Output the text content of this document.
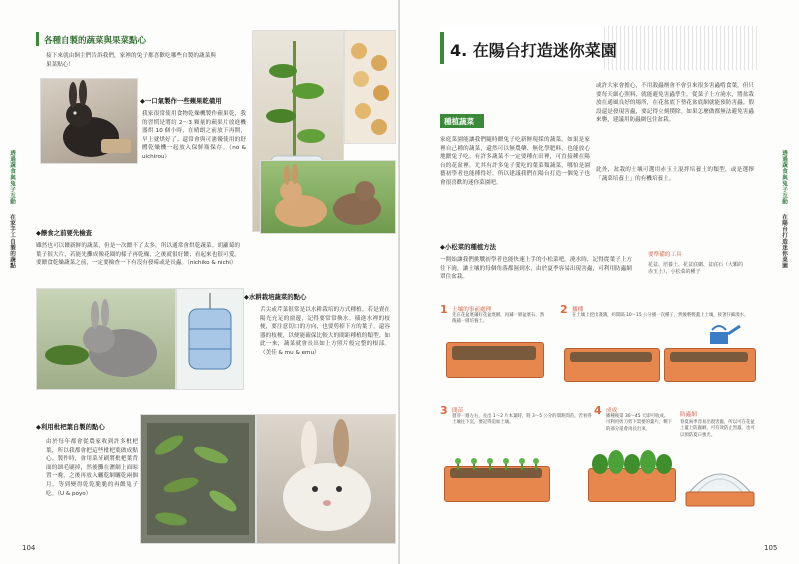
各種自製的蔬菜與果菜點心
接下來就由飼主們告訴我們，家裡的兔子都喜歡吃哪些自製的蔬菜與果菜點心！
◆一口氣製作一些蘋果乾備用
我家很常使用食物乾燥機製作蘋果乾，我的習慣是將約 2〜3 顆量的蘋果片放進機器烘 10 個小時，在晴朗之前放下再開，早上就烘好了。還常會與可憲優使用的舒體乾燥機一起放入保鮮瓶保存。（no & uichirou）
◆餵食之前要先檢查
雖然也可以餵新鮮的蔬菜，但是一次餵不了太多，所以通常會烘乾蔬菜。胡蘿蔔的葉子很大片，若能先攤成像花圈的樣子再乾燥，之後就很好餵；看起來也很可愛。要餵食乾燥蔬菜之前，一定要檢查一下有沒有發霉或是長蟲。（nichiko & nichi）
◆水耕栽培蔬菜的點心
舌尖或芹菜很常是以水耕栽培的方式種植。若是賣在陽光充足的窗邊，記得要常常換水。插進水裡的枝梗，要注意切口的方向，也要剪掉下方的葉子，還容器的枝梗，以便能確保比較大的間距種植的類型。如此一來，蔬菜就會長出如上方照片般完整的根部。（美佳 & mu & emu）
◆利用枇杷葉自製的點心
由於每年都會從農家收到許多枇杷葉，所以我都會把這些枇杷葉做成點心。製作時，會用菜牙刷將枇杷葉背面的細毛刷掉，然後攤在瀝網上面晾置一晚，之後再放入曬乾網曬乾兩個月，等到變得乾乾脆脆的再餵兔子吃。（U & poyo）
透過蔬食與兔子互動
在家手工自製的蔬點
104
4. 在陽台打造迷你菜園
種植蔬菜
家庭菜園能讓我們隨時餵兔子吃新鮮現採的蔬菜。如果是家裡自己種的蔬菜，還然可以無農藥、無化學肥料，也能放心地餵兔子吃。有許多蔬菜不一定要種在田裡，可直接種在陽台的花盆裡。尤其有許多兔子愛吃的葉菜類蔬菜，哪怕是園藝初學者也能種得好，所以建議我們在陽台打造一個兔子也會很喜歡的迷你菜園吧。
或許大家會擔心，不用殺蟲劑會不會引來很多害蟲啃食葉，但只要每天細心照料，就能避免害蟲孳生。從菜子上方澆水，將盆栽放在通風良好的場所，在花盆底下墊花盆底網就能預防害蟲。假設還是發現害蟲，要記得立刻撲除。如果怎麼做都無法避免害蟲來襲，建議用防蟲網包住盆栽。
此外，盆栽的土壤可選用赤玉土混拌培養土的類型，或是選擇「蔬菜培養土」的有機培養土。
◆小松菜的種植方法
一開始讓我們挑戰初學者也能快速上手的小松菜吧。澆水時，記得從葉子上方往下澆，讓土壤的每個角落都濕到水，由於夏季容易出現害蟲，可利用防蟲網罩住盆栽。
要準備的工具
花盆、培養土、花盆底網、盆底石（大顆的赤玉土）、小松菜的種子
1 土壤的事前處理
先在花盆底鋪好花盆底網，再鋪一層盆底石，然後鋪一層培養土。
2 播種
在土壤上挖出淺溝，約間隔 10〜15 公分播一次種子，然後輕輕蓋上土壤，接著仔細澆水。
3 間苗
發芽一週左右，長出 1〜2 片本葉時，將 3〜5 公分的間距間苗。若看得土壤往下沉，要記得追加土壤。
4 成成
播種後第 30〜45 天即可收成。可利用剪刀剪下需要的葉片，剩下的部分還會再長出來。
防蟲網
春夏兩季容易出現害蟲，所以可在花盆上蓋上防蟲網，可有效防止害蟲，也可以預防夏日強光。
透過蔬食與兔子互動
在陽台打造迷你菜園
105
